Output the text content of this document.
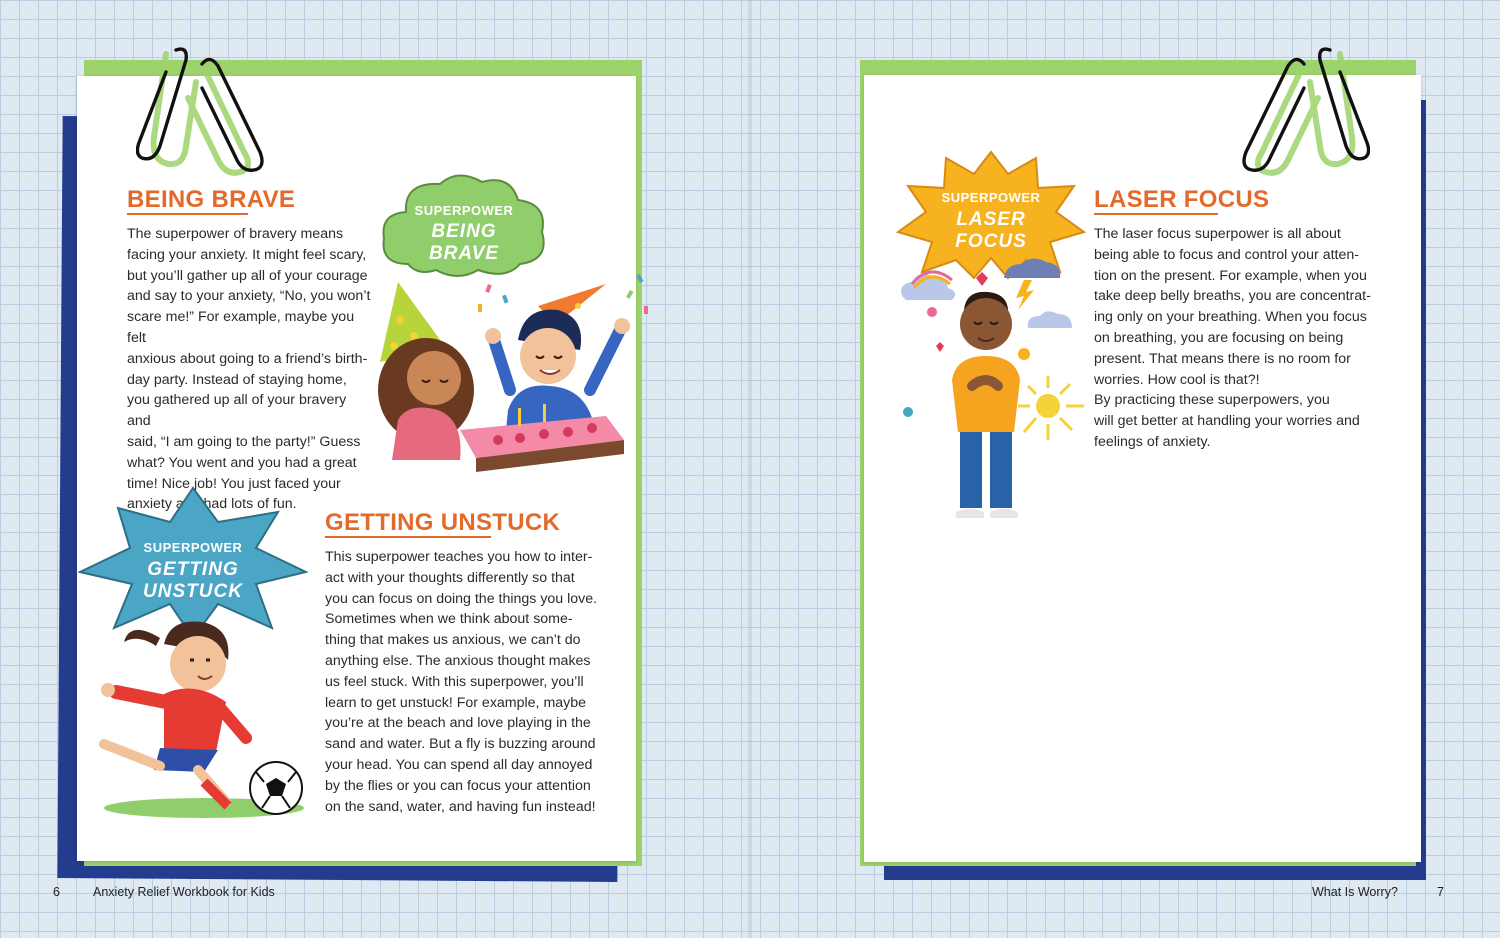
BEING BRAVE

The superpower of bravery means
facing your anxiety. It might feel scary,
but you’ll gather up all of your courage
and say to your anxiety, “No, you won’t
scare me!” For example, maybe you felt
anxious about going to a friend’s birth-
day party. Instead of staying home,
you gathered up all of your bravery and
said, “I am going to the party!” Guess
what? You went and you had a great
time! Nice job! You just faced your
anxiety had lots of fun.

SUPERPOWER
BEING
BRAVE
GETTING UNSTUCK

This superpower teaches you how to inter-
act with your thoughts differently so that
you can focus on doing the things you love.
Sometimes when we think about some-
thing that makes us anxious, we can’t do
anything else. The anxious thought makes
us feel stuck. With this superpower, you’ll
learn to get unstuck! For example, maybe
you’re at the beach and love playing in the
sand and water. But a fly is buzzing around
your head. You can spend all day annoyed
by the flies or you can focus your attention
on the sand, water, and having fun instead!

SUPERPOWER
GETTING
UNSTUCK
6	Anxiety Relief Workbook for Kids
SUPERPOWER
LASER
FOCUS
LASER FOCUS

The laser focus superpower is all about
being able to focus and control your atten-
tion on the present. For example, when you
take deep belly breaths, you are concentrat-
ing only on your breathing. When you focus
on breathing, you are focusing on being
present. That means there is no room for
worries. How cool is that?!
By practicing these superpowers, you
will get better at handling your worries and
feelings of anxiety.

What Is Worry?	7
